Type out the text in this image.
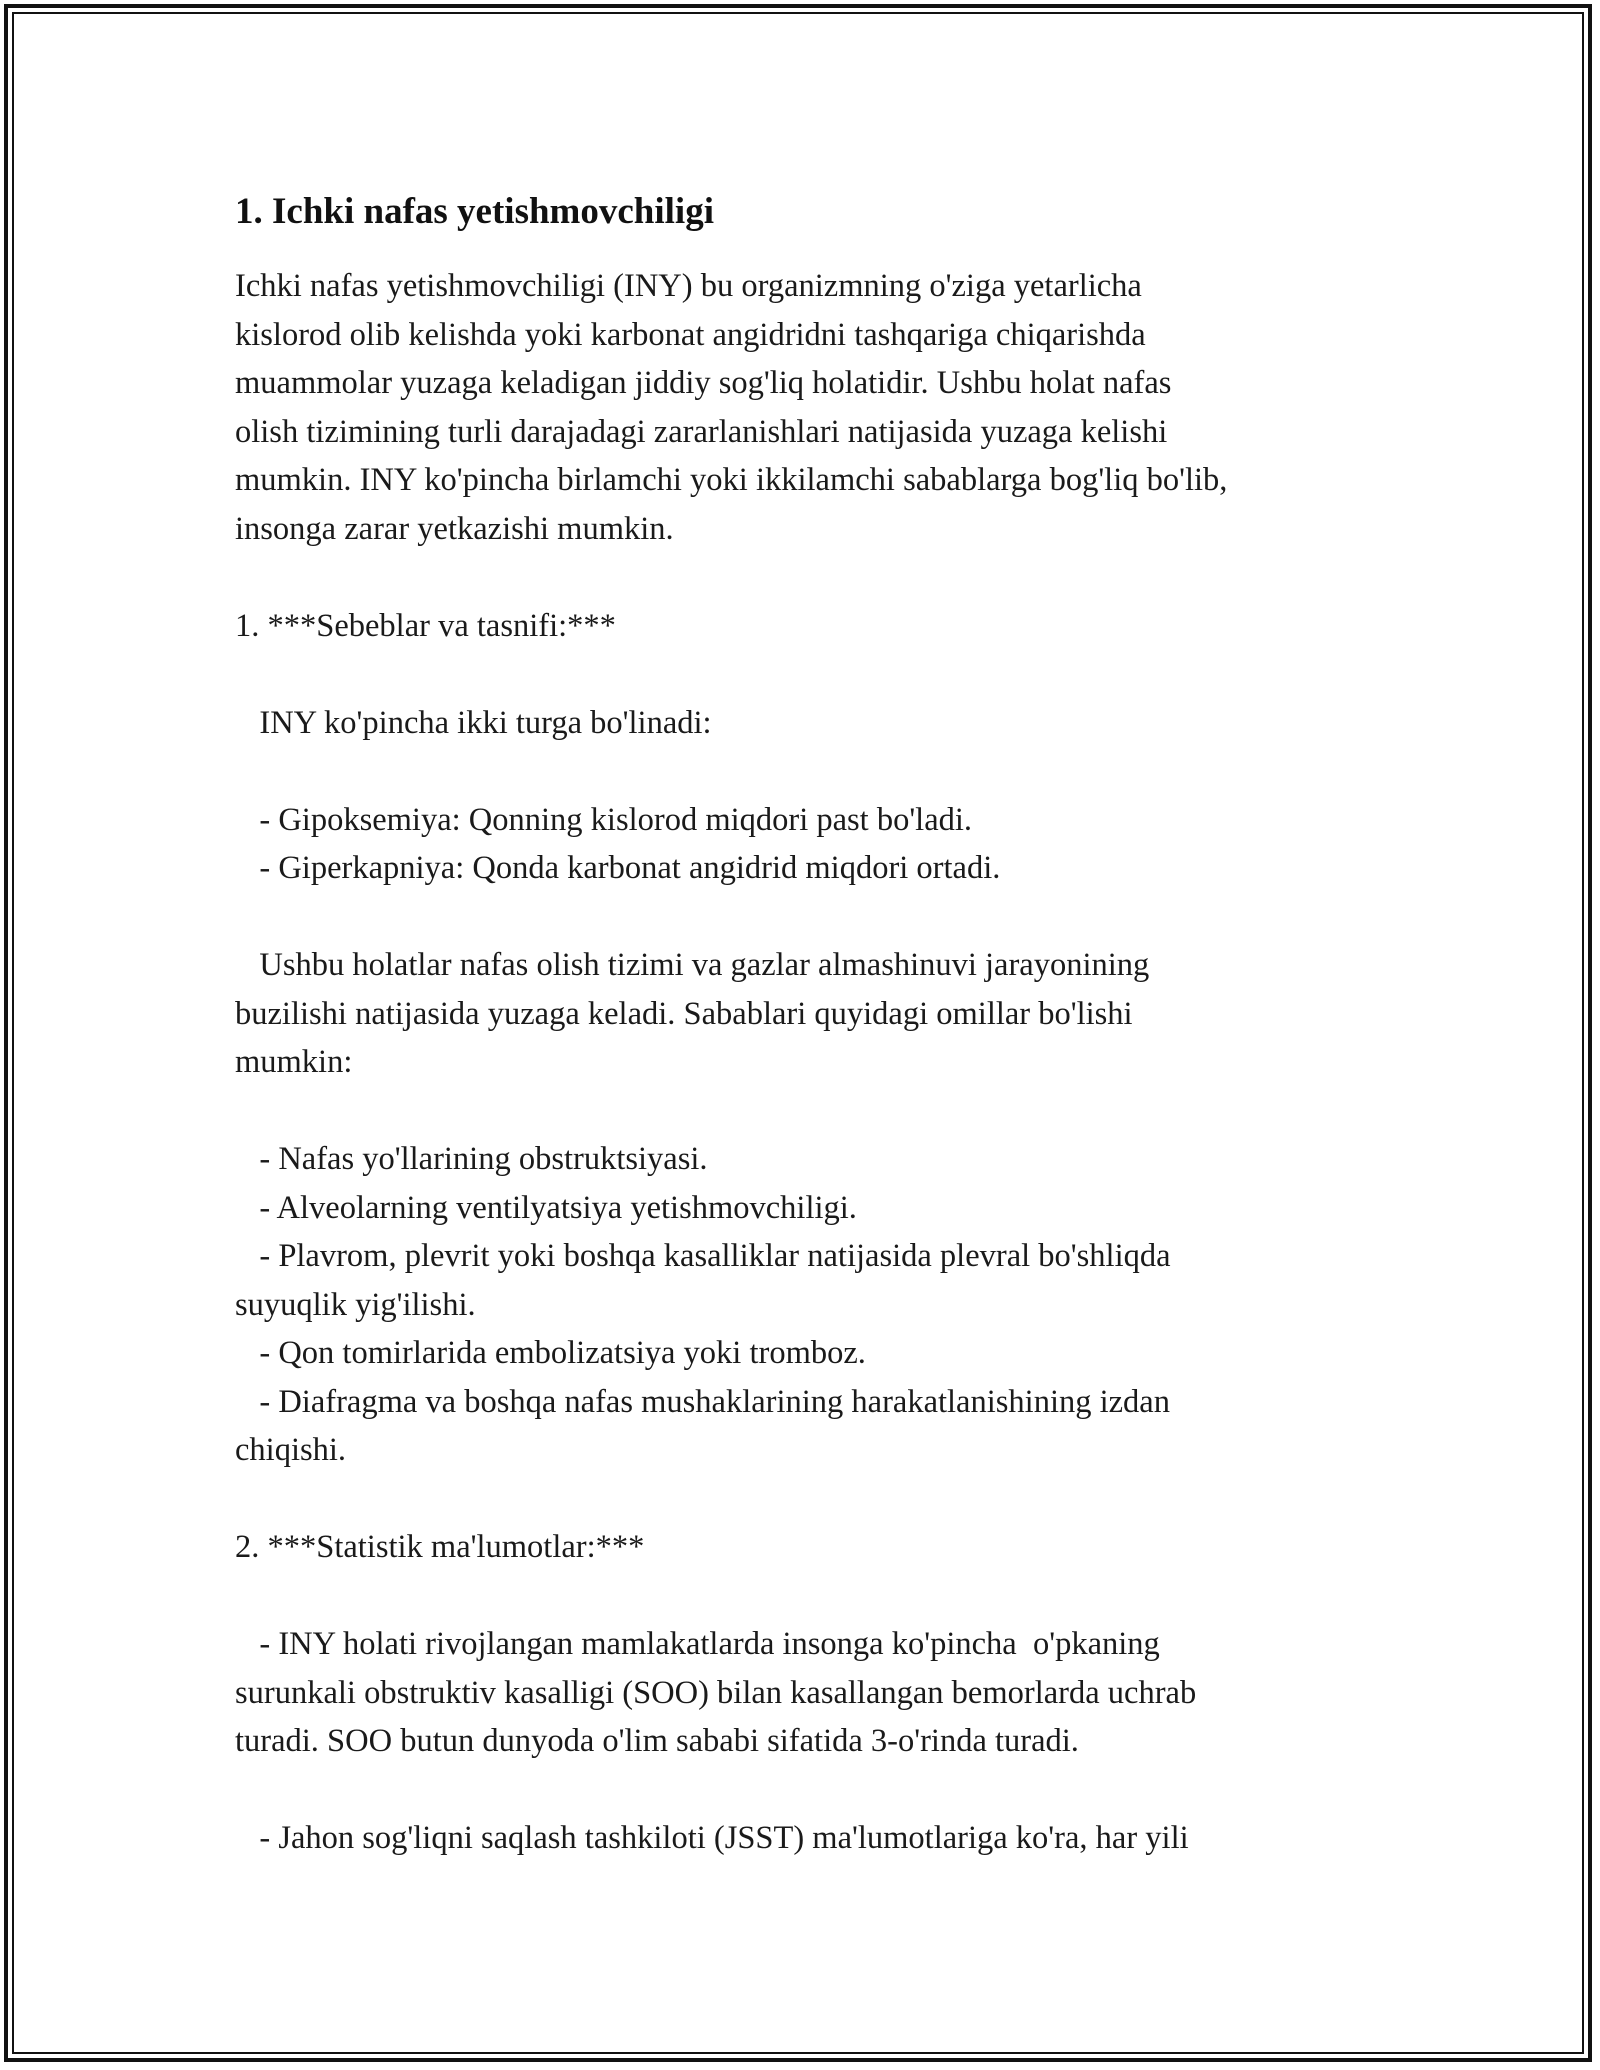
1. Ichki nafas yetishmovchiligi
Ichki nafas yetishmovchiligi (INY) bu organizmning o'ziga yetarlicha
kislorod olib kelishda yoki karbonat angidridni tashqariga chiqarishda
muammolar yuzaga keladigan jiddiy sog'liq holatidir. Ushbu holat nafas
olish tizimining turli darajadagi zararlanishlari natijasida yuzaga kelishi
mumkin. INY ko'pincha birlamchi yoki ikkilamchi sabablarga bog'liq bo'lib,
insonga zarar yetkazishi mumkin.
1. ***Sebeblar va tasnifi:***
INY ko'pincha ikki turga bo'linadi:
- Gipoksemiya: Qonning kislorod miqdori past bo'ladi.
- Giperkapniya: Qonda karbonat angidrid miqdori ortadi.
Ushbu holatlar nafas olish tizimi va gazlar almashinuvi jarayonining
buzilishi natijasida yuzaga keladi. Sabablari quyidagi omillar bo'lishi
mumkin:
- Nafas yo'llarining obstruktsiyasi.
- Alveolarning ventilyatsiya yetishmovchiligi.
- Plavrom, plevrit yoki boshqa kasalliklar natijasida plevral bo'shliqda
suyuqlik yig'ilishi.
- Qon tomirlarida embolizatsiya yoki tromboz.
- Diafragma va boshqa nafas mushaklarining harakatlanishining izdan
chiqishi.
2. ***Statistik ma'lumotlar:***
- INY holati rivojlangan mamlakatlarda insonga ko'pincha  o'pkaning
surunkali obstruktiv kasalligi (SOO) bilan kasallangan bemorlarda uchrab
turadi. SOO butun dunyoda o'lim sababi sifatida 3-o'rinda turadi.
- Jahon sog'liqni saqlash tashkiloti (JSST) ma'lumotlariga ko'ra, har yili
